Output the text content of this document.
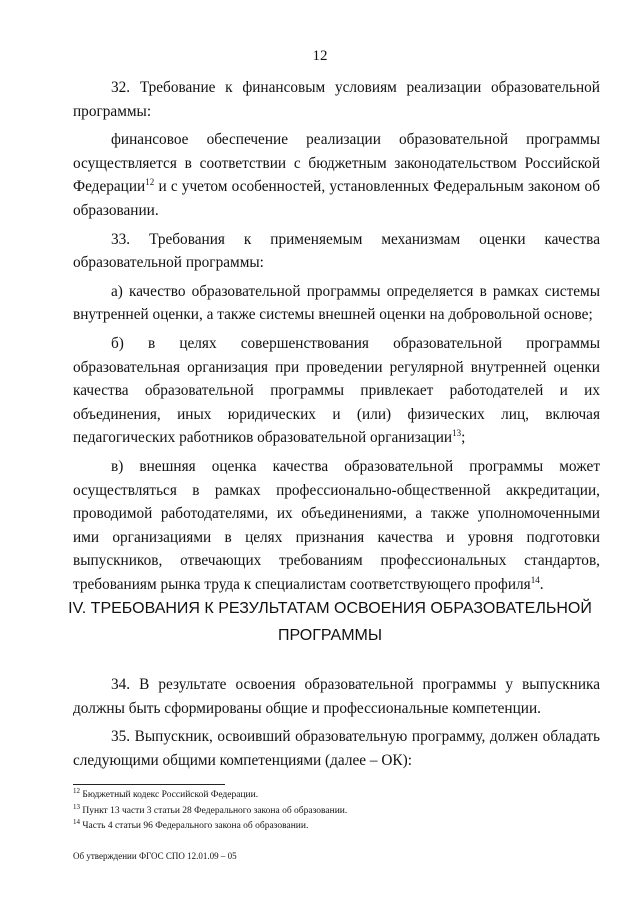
12

32. Требование к финансовым условиям реализации образовательной программы:

финансовое обеспечение реализации образовательной программы осуществляется в соответствии с бюджетным законодательством Российской Федерации$^{12}$ и с учетом особенностей, установленных Федеральным законом об образовании.

33. Требования к применяемым механизмам оценки качества образовательной программы:

а) качество образовательной программы определяется в рамках системы внутренней оценки, а также системы внешней оценки на добровольной основе;

б) в целях совершенствования образовательной программы образовательная организация при проведении регулярной внутренней оценки качества образовательной программы привлекает работодателей и их объединения, иных юридических и (или) физических лиц, включая педагогических работников образовательной организации$^{13}$;

в) внешняя оценка качества образовательной программы может осуществляться в рамках профессионально-общественной аккредитации, проводимой работодателями, их объединениями, а также уполномоченными ими организациями в целях признания качества и уровня подготовки выпускников, отвечающих требованиям профессиональных стандартов, требованиям рынка труда к специалистам соответствующего профиля$^{14}$.

IV. ТРЕБОВАНИЯ К РЕЗУЛЬТАТАМ ОСВОЕНИЯ ОБРАЗОВАТЕЛЬНОЙ
ПРОГРАММЫ

34. В результате освоения образовательной программы у выпускника должны быть сформированы общие и профессиональные компетенции.

35. Выпускник, освоивший образовательную программу, должен обладать следующими общими компетенциями (далее – ОК):

$^{12}$ Бюджетный кодекс Российской Федерации.
$^{13}$ Пункт 13 части 3 статьи 28 Федерального закона об образовании.
$^{14}$ Часть 4 статьи 96 Федерального закона об образовании.
Об утверждении ФГОС СПО 12.01.09 – 05
